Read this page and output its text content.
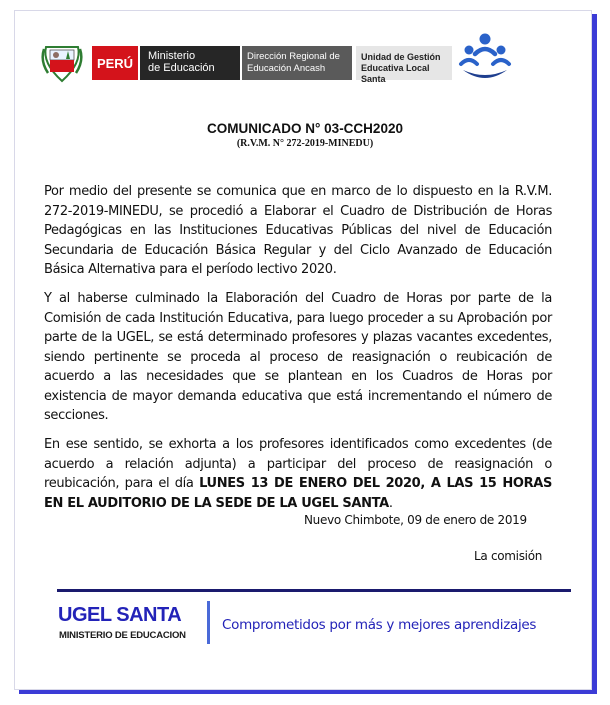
PERÚ	Ministerio
de Educación
Dirección Regional de
Educación Ancash
Unidad de Gestión
Educativa Local Santa
COMUNICADO N° 03-CCH2020
(R.V.M. N° 272-2019-MINEDU)

Por medio del presente se comunica que en marco de lo dispuesto en la R.V.M. 272-2019-MINEDU, se procedió a Elaborar el Cuadro de Distribución de Horas Pedagógicas en las Instituciones Educativas Públicas del nivel de Educación Secundaria de Educación Básica Regular y del Ciclo Avanzado de Educación Básica Alternativa para el período lectivo 2020.

Y al haberse culminado la Elaboración del Cuadro de Horas por parte de la Comisión de cada Institución Educativa, para luego proceder a su Aprobación por parte de la UGEL, se está determinado profesores y plazas vacantes excedentes, siendo pertinente se proceda al proceso de reasignación o reubicación de acuerdo a las necesidades que se plantean en los Cuadros de Horas por existencia de mayor demanda educativa que está incrementando el número de secciones.

En ese sentido, se exhorta a los profesores identificados como excedentes (de acuerdo a relación adjunta) a participar del proceso de reasignación o reubicación, para el día LUNES 13 DE ENERO DEL 2020, A LAS 15 HORAS EN EL AUDITORIO DE LA SEDE DE LA UGEL SANTA.

Nuevo Chimbote, 09 de enero de 2019
La comisión
UGEL SANTA
MINISTERIO DE EDUCACION
Comprometidos por más y mejores aprendizajes
